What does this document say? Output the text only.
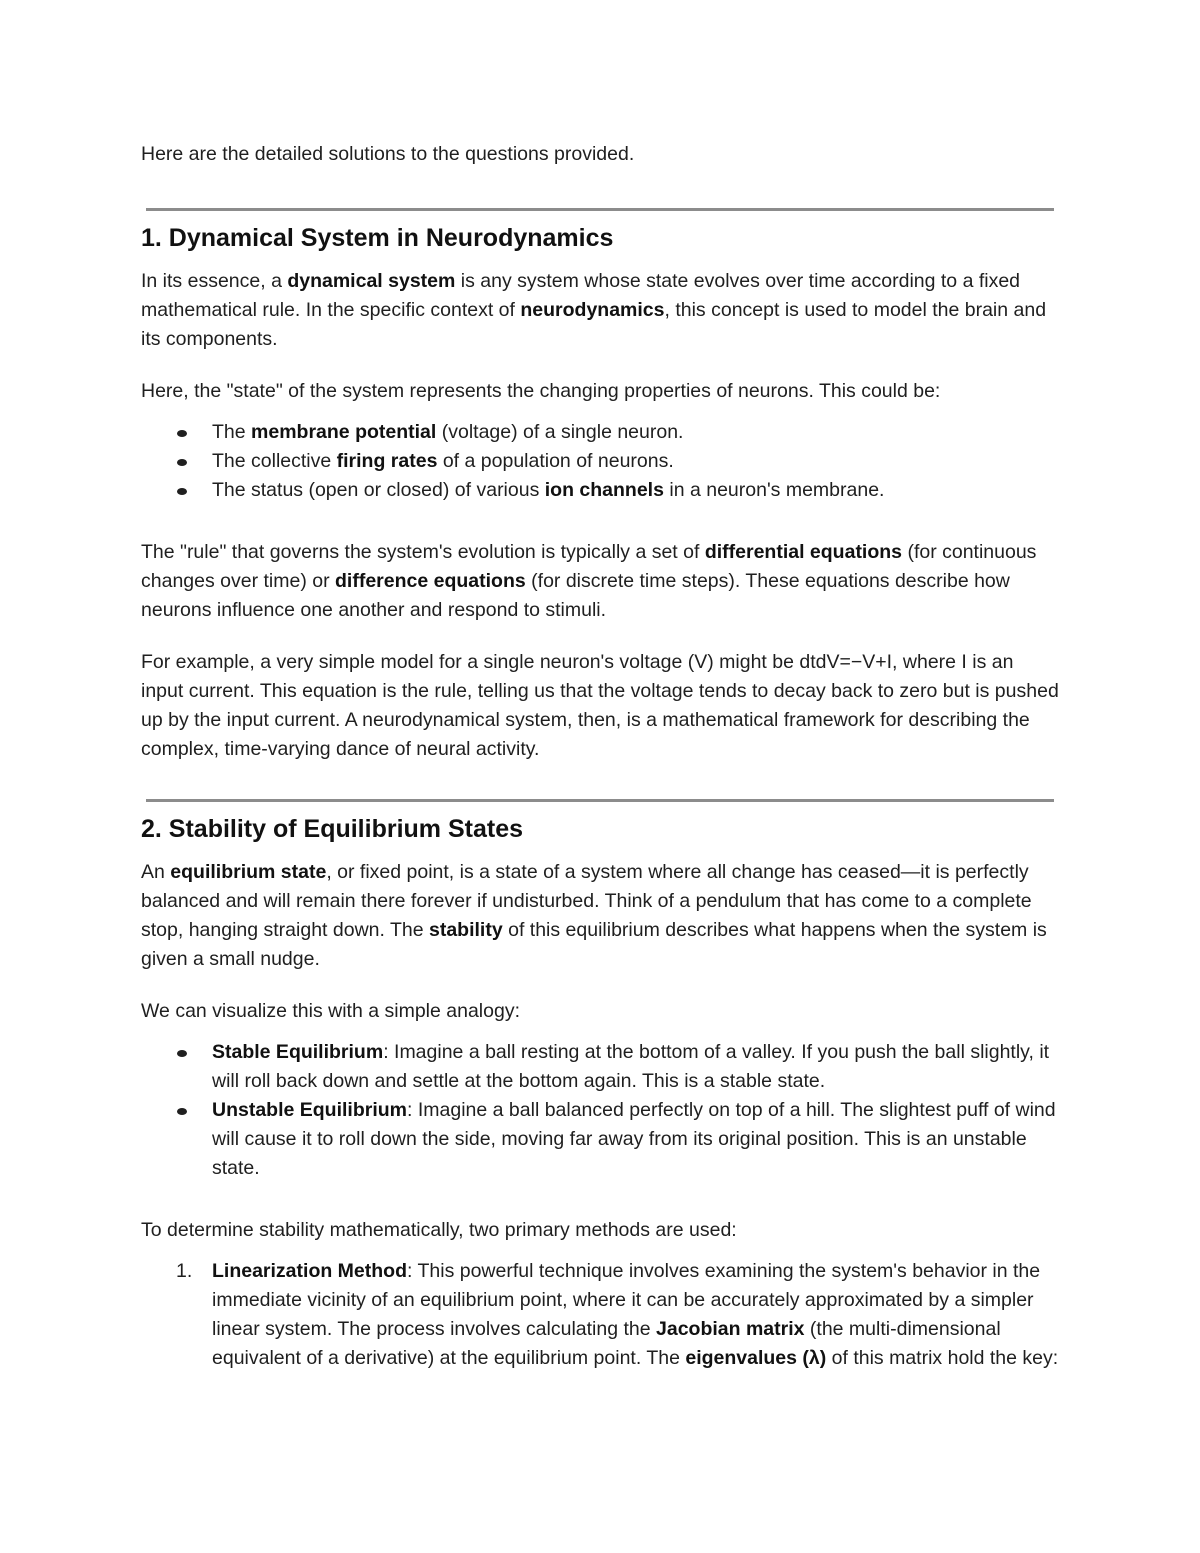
Here are the detailed solutions to the questions provided.

1. Dynamical System in Neurodynamics

In its essence, a dynamical system is any system whose state evolves over time according to a fixed mathematical rule. In the specific context of neurodynamics, this concept is used to model the brain and its components.

Here, the "state" of the system represents the changing properties of neurons. This could be:

The membrane potential (voltage) of a single neuron.
The collective firing rates of a population of neurons.
The status (open or closed) of various ion channels in a neuron's membrane.

The "rule" that governs the system's evolution is typically a set of differential equations (for continuous changes over time) or difference equations (for discrete time steps). These equations describe how neurons influence one another and respond to stimuli.

For example, a very simple model for a single neuron's voltage (V) might be dtdV=−V+I, where I is an input current. This equation is the rule, telling us that the voltage tends to decay back to zero but is pushed up by the input current. A neurodynamical system, then, is a mathematical framework for describing the complex, time-varying dance of neural activity.

2. Stability of Equilibrium States

An equilibrium state, or fixed point, is a state of a system where all change has ceased—it is perfectly balanced and will remain there forever if undisturbed. Think of a pendulum that has come to a complete stop, hanging straight down. The stability of this equilibrium describes what happens when the system is given a small nudge.

We can visualize this with a simple analogy:

Stable Equilibrium: Imagine a ball resting at the bottom of a valley. If you push the ball slightly, it will roll back down and settle at the bottom again. This is a stable state.
Unstable Equilibrium: Imagine a ball balanced perfectly on top of a hill. The slightest puff of wind will cause it to roll down the side, moving far away from its original position. This is an unstable state.

To determine stability mathematically, two primary methods are used:

1. Linearization Method: This powerful technique involves examining the system's behavior in the immediate vicinity of an equilibrium point, where it can be accurately approximated by a simpler linear system. The process involves calculating the Jacobian matrix (the multi-dimensional equivalent of a derivative) at the equilibrium point. The eigenvalues (λ) of this matrix hold the key:
